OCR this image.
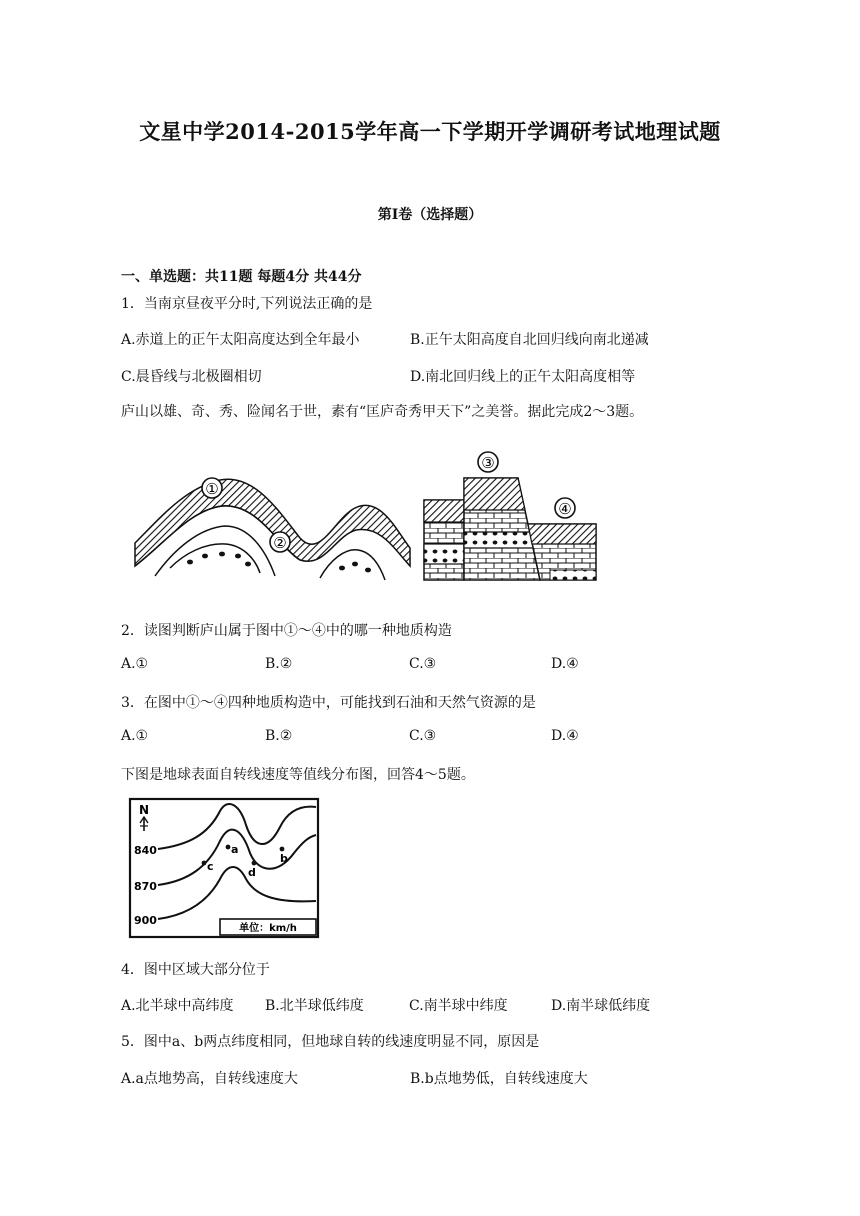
文星中学2014-2015学年高一下学期开学调研考试地理试题
第Ⅰ卷（选择题）
一、单选题：共11题 每题4分 共44分
1．当南京昼夜平分时,下列说法正确的是
A.赤道上的正午太阳高度达到全年最小	B.正午太阳高度自北回归线向南北递减
C.晨昏线与北极圈相切	D.南北回归线上的正午太阳高度相等
庐山以雄、奇、秀、险闻名于世，素有“匡庐奇秀甲天下”之美誉。据此完成2～3题。
①
②
③
④
2．读图判断庐山属于图中①～④中的哪一种地质构造
A.①	B.②	C.③	D.④
3．在图中①～④四种地质构造中，可能找到石油和天然气资源的是
A.①	B.②	C.③	D.④
下图是地球表面自转线速度等值线分布图，回答4～5题。
N
840
870
900
a
b
c	d
单位：km/h
4．图中区域大部分位于
A.北半球中高纬度 B.北半球低纬度	C.南半球中纬度	D.南半球低纬度
5．图中a、b两点纬度相同，但地球自转的线速度明显不同，原因是
A.a点地势高，自转线速度大	B.b点地势低，自转线速度大
